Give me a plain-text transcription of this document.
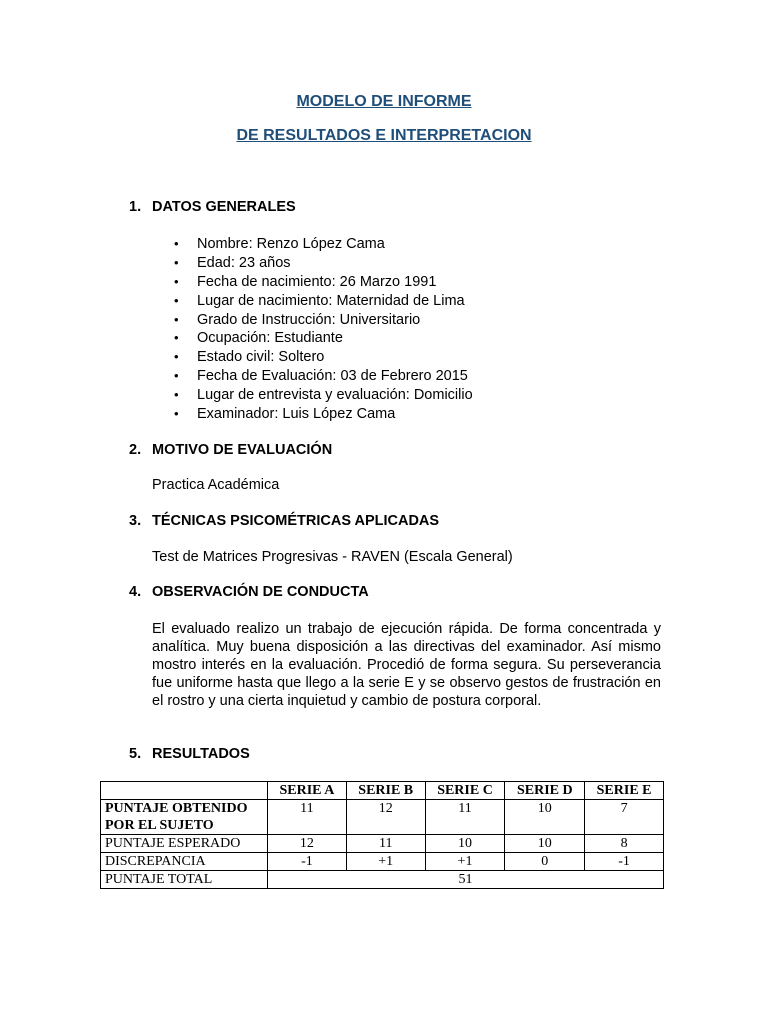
MODELO DE INFORME
DE RESULTADOS E INTERPRETACION
1. DATOS GENERALES
• Nombre: Renzo López Cama
• Edad: 23 años
• Fecha de nacimiento: 26 Marzo 1991
• Lugar de nacimiento: Maternidad de Lima
• Grado de Instrucción: Universitario
• Ocupación: Estudiante
• Estado civil: Soltero
• Fecha de Evaluación: 03 de Febrero 2015
• Lugar de entrevista y evaluación: Domicilio
• Examinador: Luis López Cama
2. MOTIVO DE EVALUACIÓN
Practica Académica
3. TÉCNICAS PSICOMÉTRICAS APLICADAS
Test de Matrices Progresivas - RAVEN (Escala General)
4. OBSERVACIÓN DE CONDUCTA
El evaluado realizo un trabajo de ejecución rápida. De forma concentrada y analítica. Muy buena disposición a las directivas del examinador. Así mismo mostro interés en la evaluación. Procedió de forma segura. Su perseverancia fue uniforme hasta que llego a la serie E y se observo gestos de frustración en el rostro y una cierta inquietud y cambio de postura corporal.
5. RESULTADOS
	SERIE A	SERIE B	SERIE C	SERIE D	SERIE E
PUNTAJE OBTENIDO POR EL SUJETO	11	12	11	10	7
PUNTAJE ESPERADO	12	11	10	10	8
DISCREPANCIA	-1	+1	+1	0	-1
PUNTAJE TOTAL	51				
